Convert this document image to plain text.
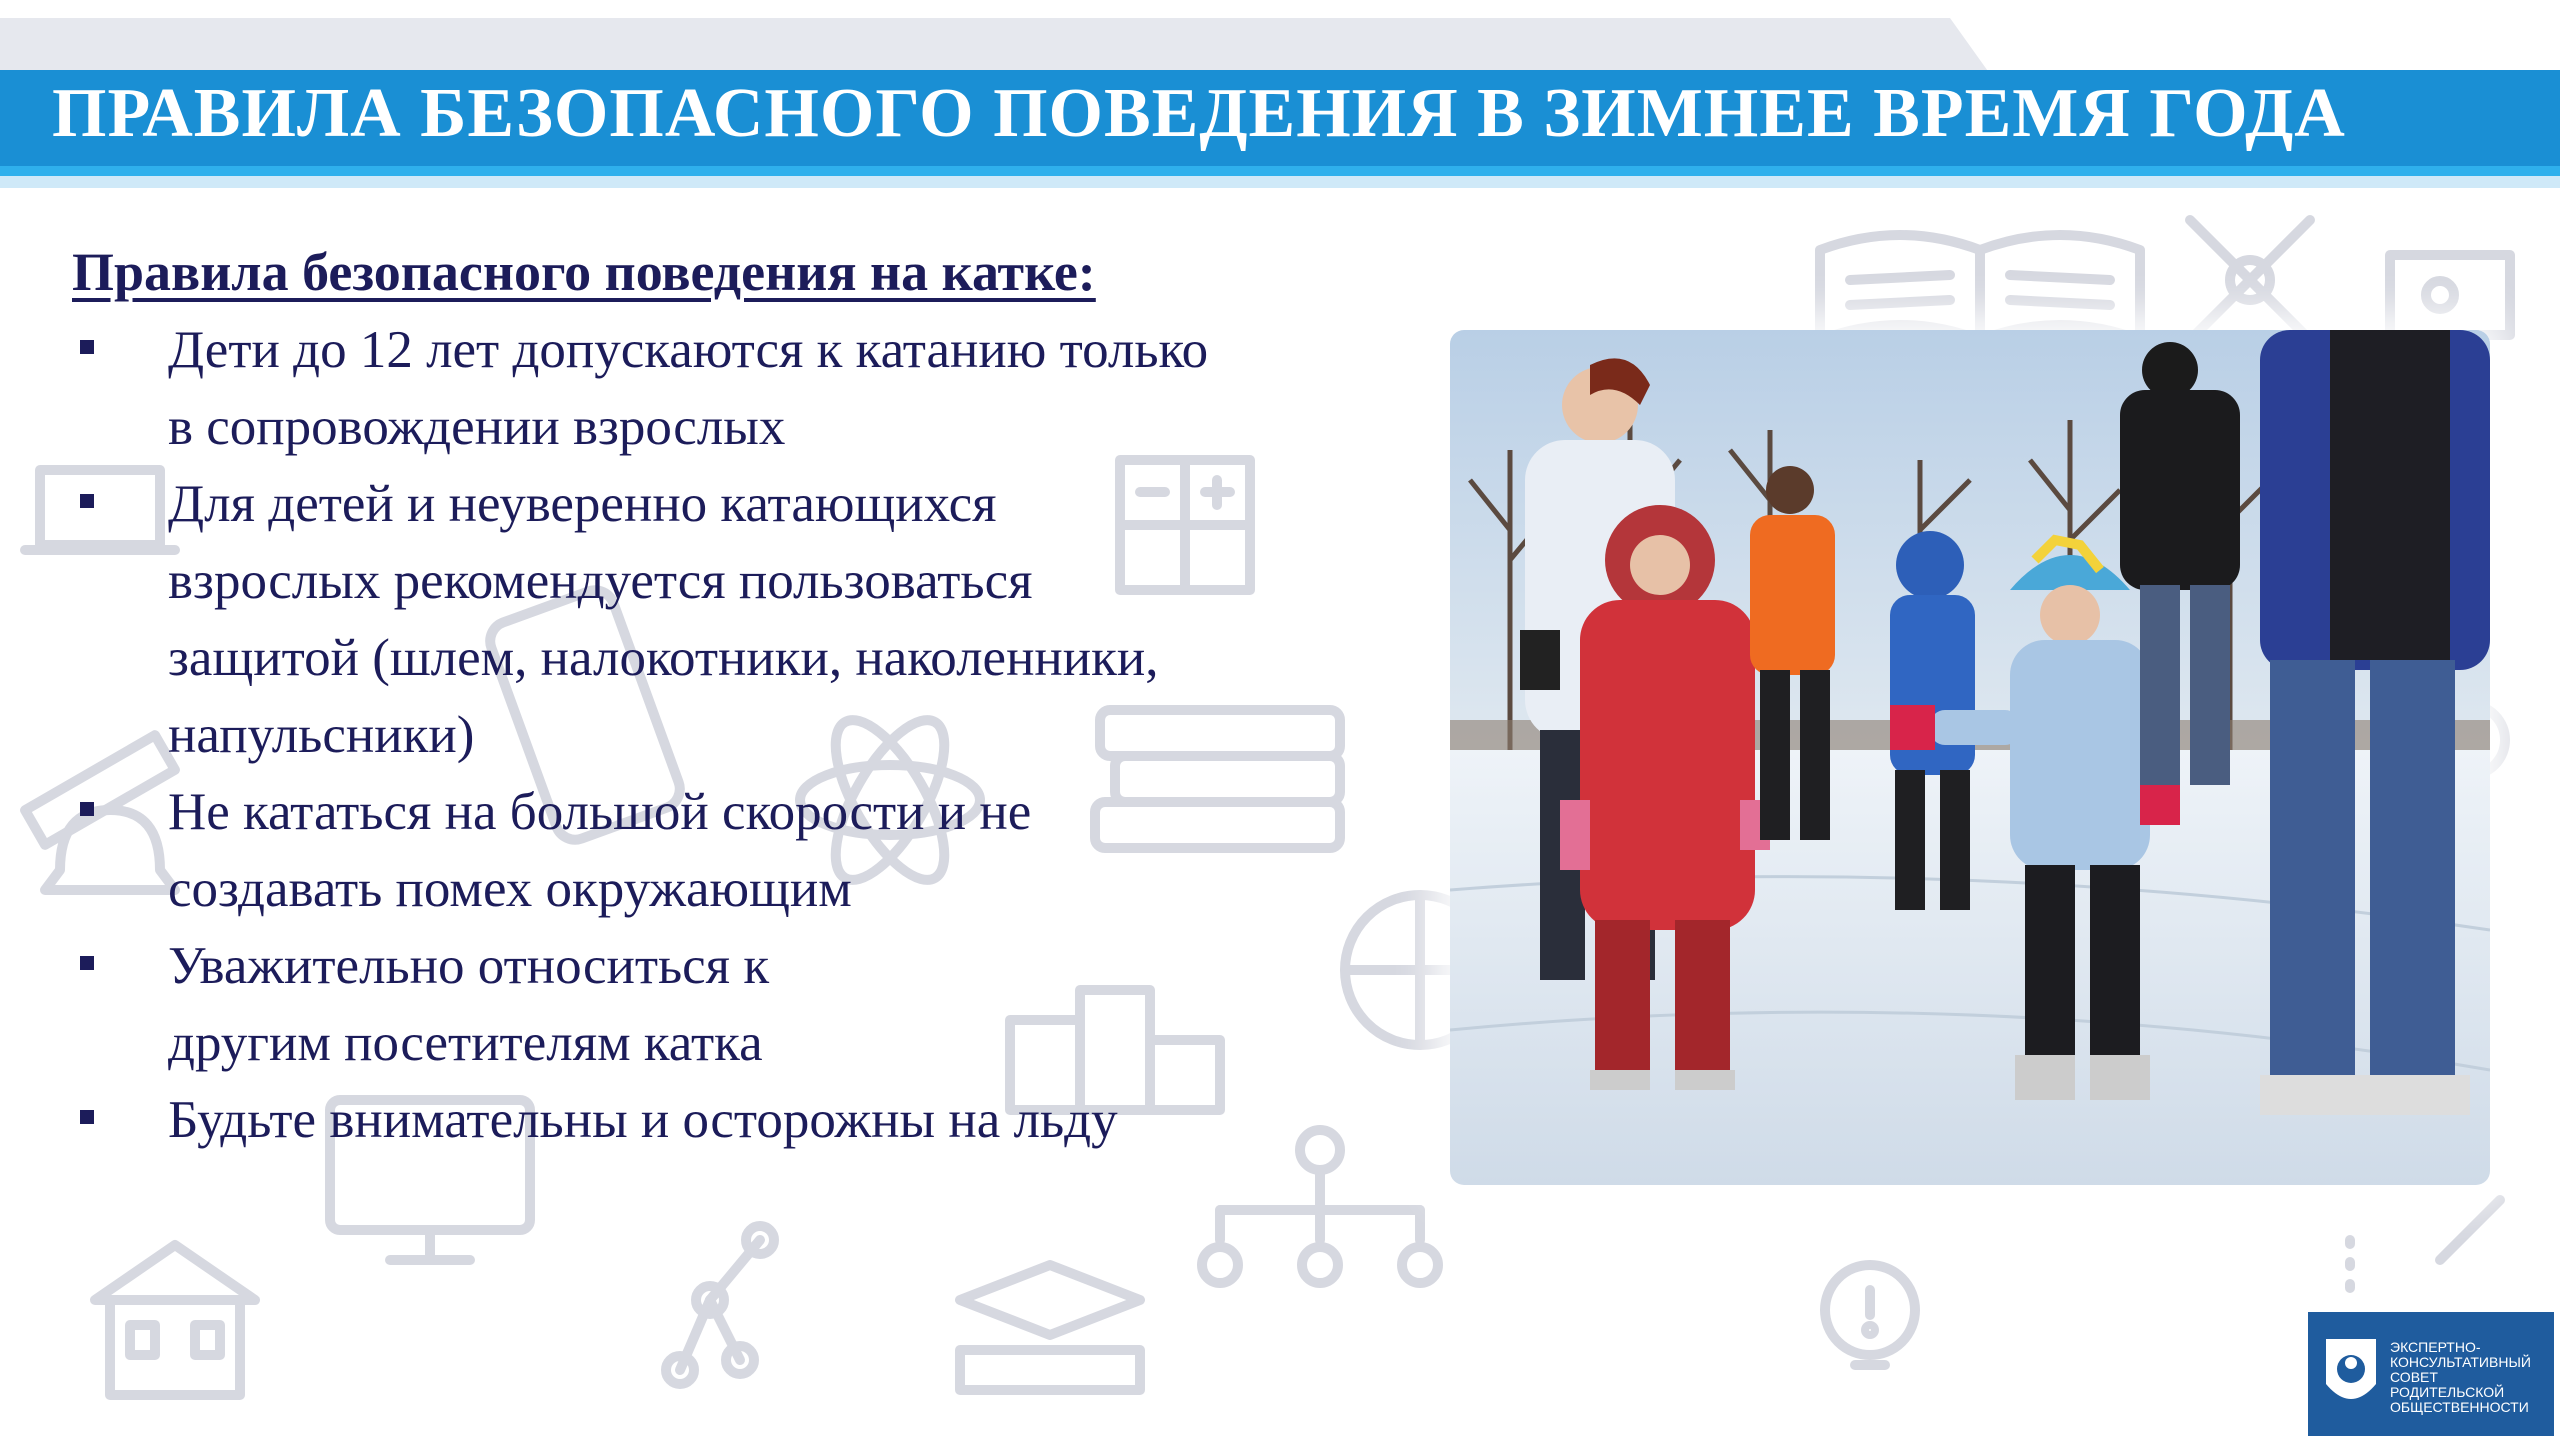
ПРАВИЛА БЕЗОПАСНОГО ПОВЕДЕНИЯ В ЗИМНЕЕ ВРЕМЯ ГОДА

Правила безопасного поведения на катке:

Дети до 12 лет допускаются к катанию только
в сопровождении взрослых
Для детей и неуверенно катающихся
взрослых рекомендуется пользоваться
защитой (шлем, налокотники, наколенники,
напульсники)
Не кататься на большой скорости и не
создавать помех окружающим
Уважительно относиться к
другим посетителям катка
Будьте внимательны и осторожны на льду
ЭКСПЕРТНО-
КОНСУЛЬТАТИВНЫЙ
СОВЕТ
РОДИТЕЛЬСКОЙ
ОБЩЕСТВЕННОСТИ
